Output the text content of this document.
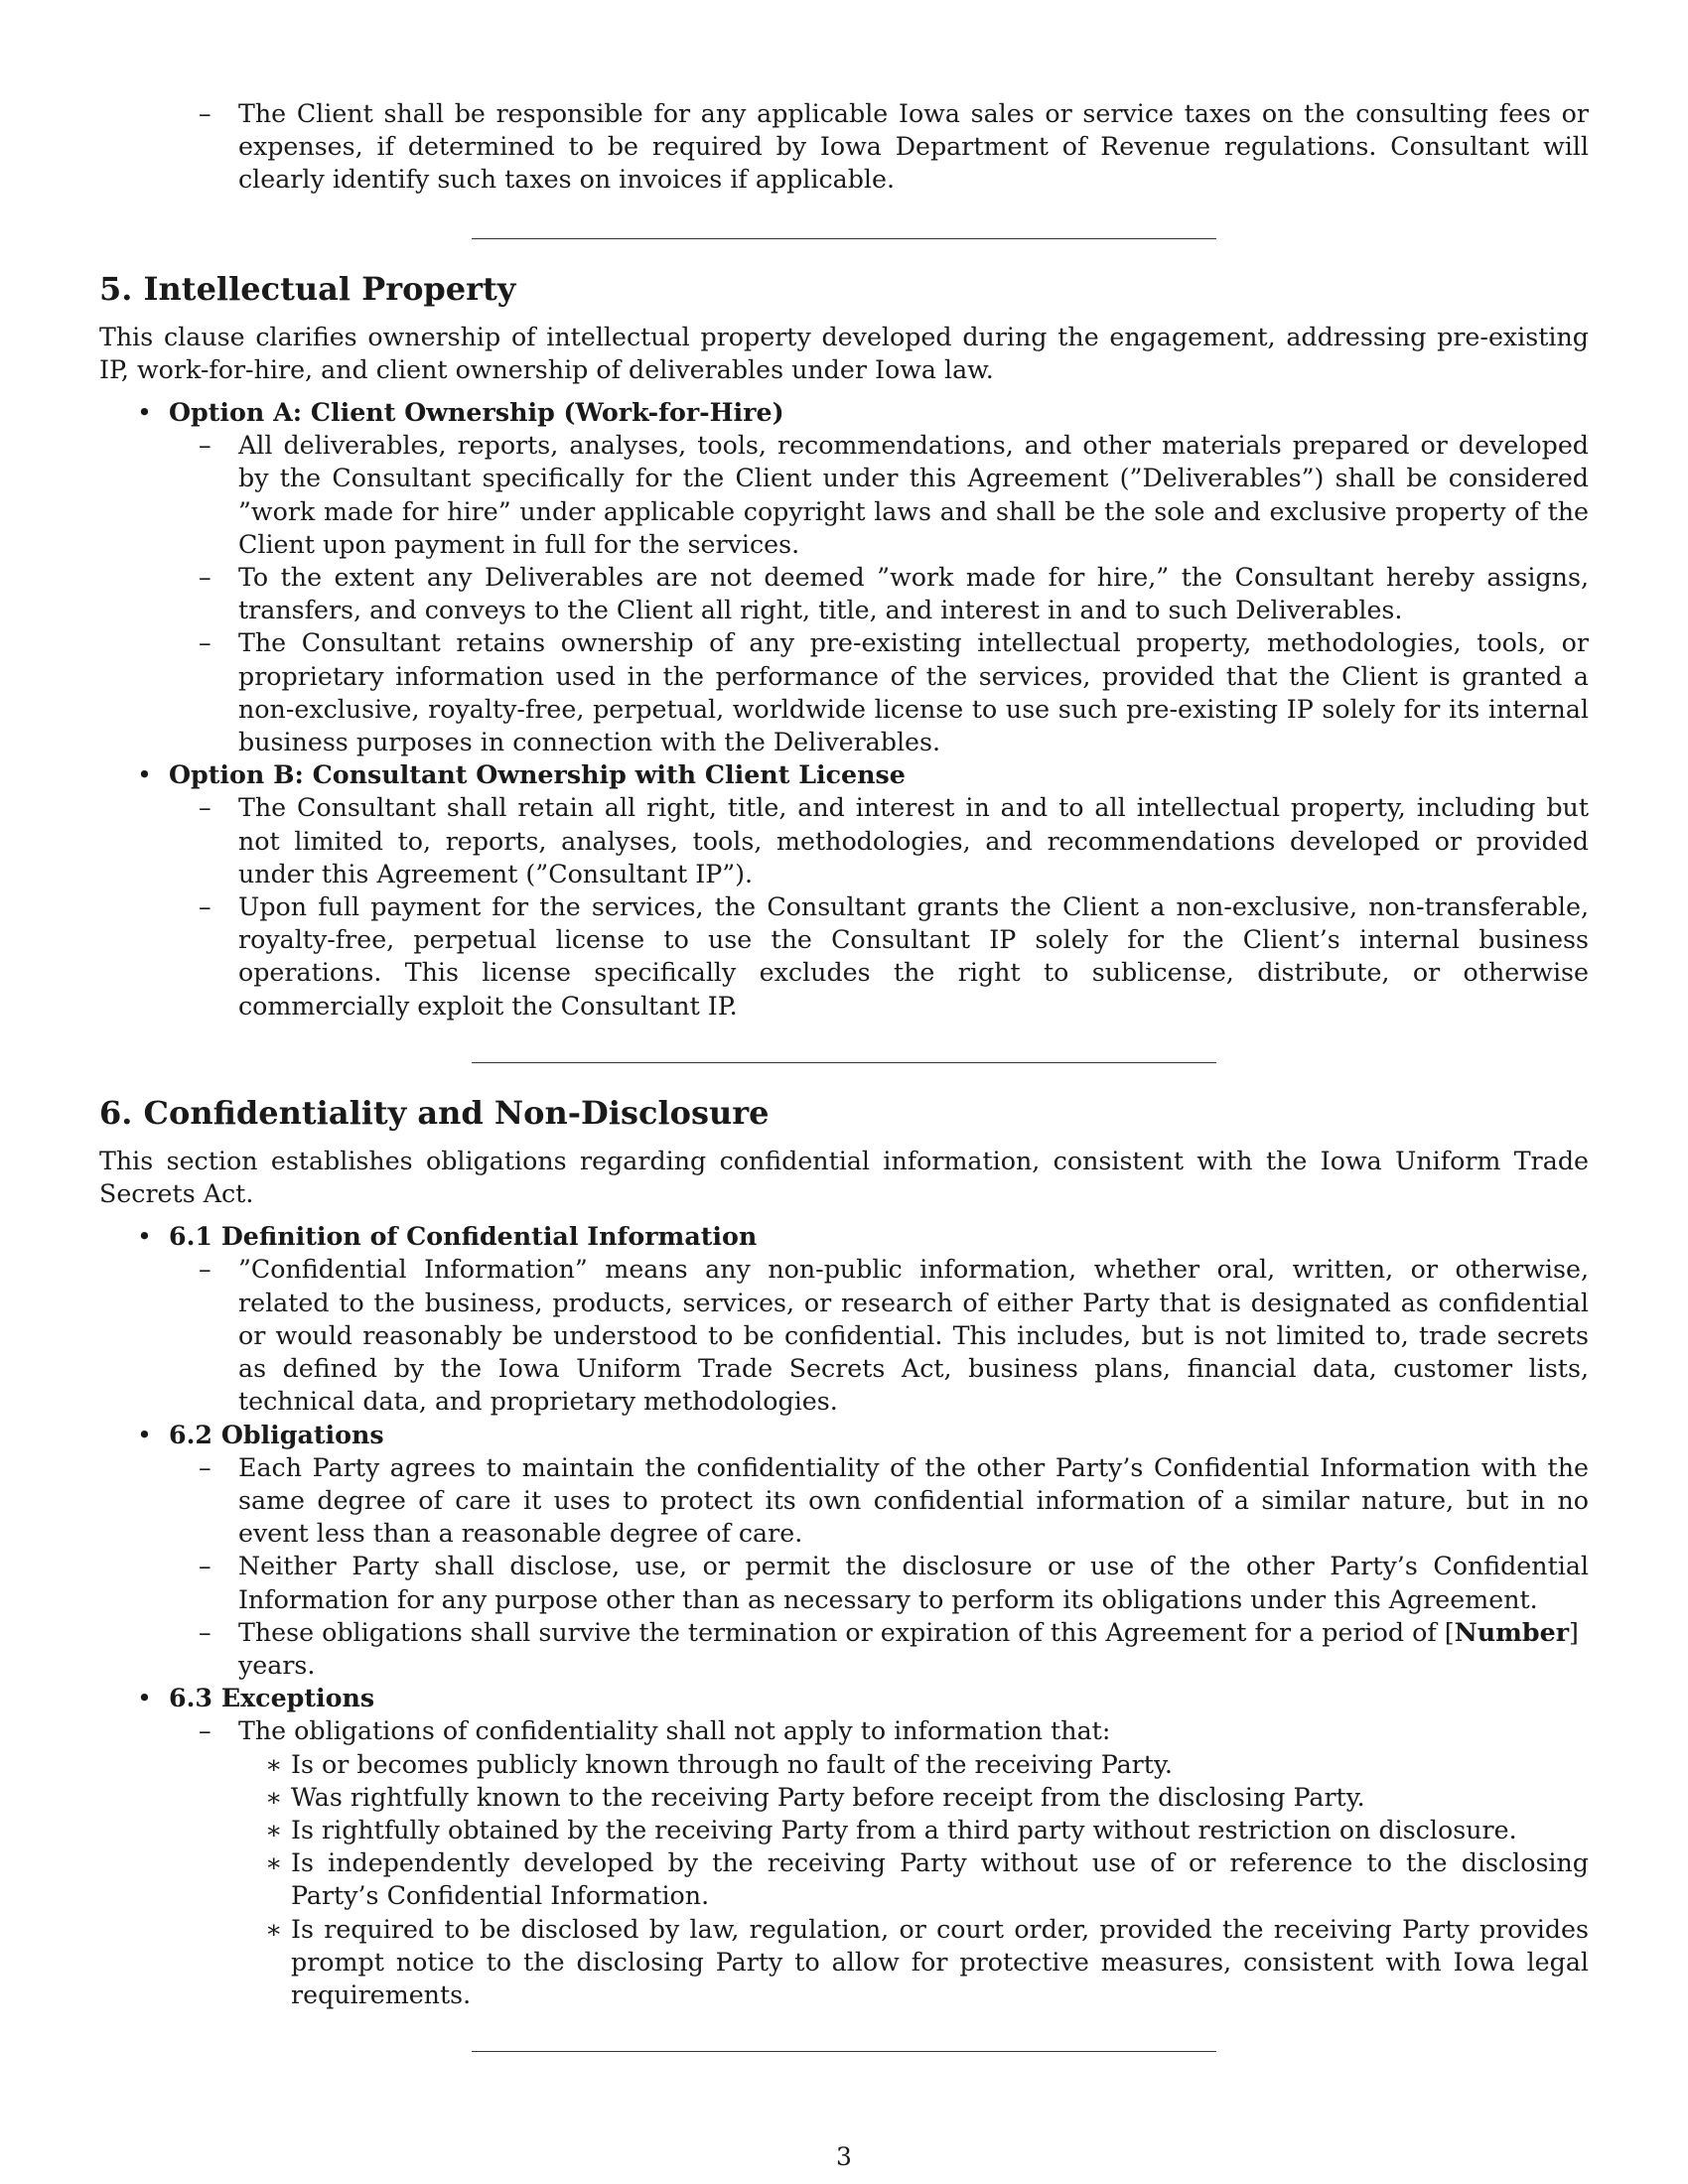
– The Client shall be responsible for any applicable Iowa sales or service taxes on the consulting fees or expenses, if determined to be required by Iowa Department of Revenue regulations. Consultant will clearly identify such taxes on invoices if applicable.

5. Intellectual Property

This clause clarifies ownership of intellectual property developed during the engagement, addressing pre-existing IP, work-for-hire, and client ownership of deliverables under Iowa law.

• Option A: Client Ownership (Work-for-Hire)
– All deliverables, reports, analyses, tools, recommendations, and other materials prepared or developed by the Consultant specifically for the Client under this Agreement (”Deliverables”) shall be considered ”work made for hire” under applicable copyright laws and shall be the sole and exclusive property of the Client upon payment in full for the services.

– To the extent any Deliverables are not deemed ”work made for hire,” the Consultant hereby assigns, transfers, and conveys to the Client all right, title, and interest in and to such Deliverables.

– The Consultant retains ownership of any pre-existing intellectual property, methodologies, tools, or proprietary information used in the performance of the services, provided that the Client is granted a non-exclusive, royalty-free, perpetual, worldwide license to use such pre-existing IP solely for its internal business purposes in connection with the Deliverables.

• Option B: Consultant Ownership with Client License
– The Consultant shall retain all right, title, and interest in and to all intellectual property, including but not limited to, reports, analyses, tools, methodologies, and recommendations developed or provided under this Agreement (”Consultant IP”).

– Upon full payment for the services, the Consultant grants the Client a non-exclusive, non-transferable, royalty-free, perpetual license to use the Consultant IP solely for the Client’s internal business operations. This license specifically excludes the right to sublicense, distribute, or otherwise commercially exploit the Consultant IP.

6. Confidentiality and Non-Disclosure

This section establishes obligations regarding confidential information, consistent with the Iowa Uniform Trade Secrets Act.

• 6.1 Definition of Confidential Information
– ”Confidential Information” means any non-public information, whether oral, written, or otherwise, related to the business, products, services, or research of either Party that is designated as confidential or would reasonably be understood to be confidential. This includes, but is not limited to, trade secrets as defined by the Iowa Uniform Trade Secrets Act, business plans, financial data, customer lists, technical data, and proprietary methodologies.

• 6.2 Obligations
– Each Party agrees to maintain the confidentiality of the other Party’s Confidential Information with the same degree of care it uses to protect its own confidential information of a similar nature, but in no event less than a reasonable degree of care.

– Neither Party shall disclose, use, or permit the disclosure or use of the other Party’s Confidential Information for any purpose other than as necessary to perform its obligations under this Agreement.

– These obligations shall survive the termination or expiration of this Agreement for a period of [Number] years.

• 6.3 Exceptions
– The obligations of confidentiality shall not apply to information that:

∗ Is or becomes publicly known through no fault of the receiving Party.

∗ Was rightfully known to the receiving Party before receipt from the disclosing Party.

∗ Is rightfully obtained by the receiving Party from a third party without restriction on disclosure.

∗ Is independently developed by the receiving Party without use of or reference to the disclosing Party’s Confidential Information.

∗ Is required to be disclosed by law, regulation, or court order, provided the receiving Party provides prompt notice to the disclosing Party to allow for protective measures, consistent with Iowa legal requirements.

3
